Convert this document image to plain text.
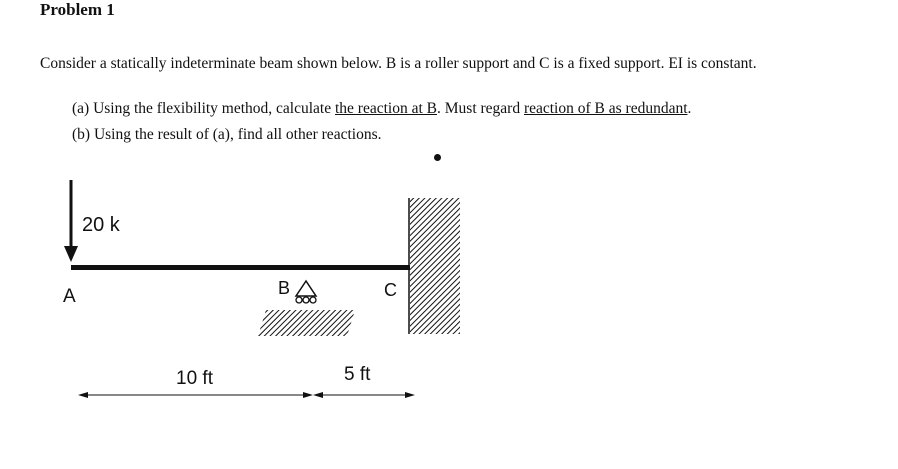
Problem 1
Consider a statically indeterminate beam shown below. B is a roller support and C is a fixed support. EI is constant.
(a) Using the flexibility method, calculate the reaction at B. Must regard reaction of B as redundant.
(b) Using the result of (a), find all other reactions.
20 k
A	B	C
10 ft	5 ft
